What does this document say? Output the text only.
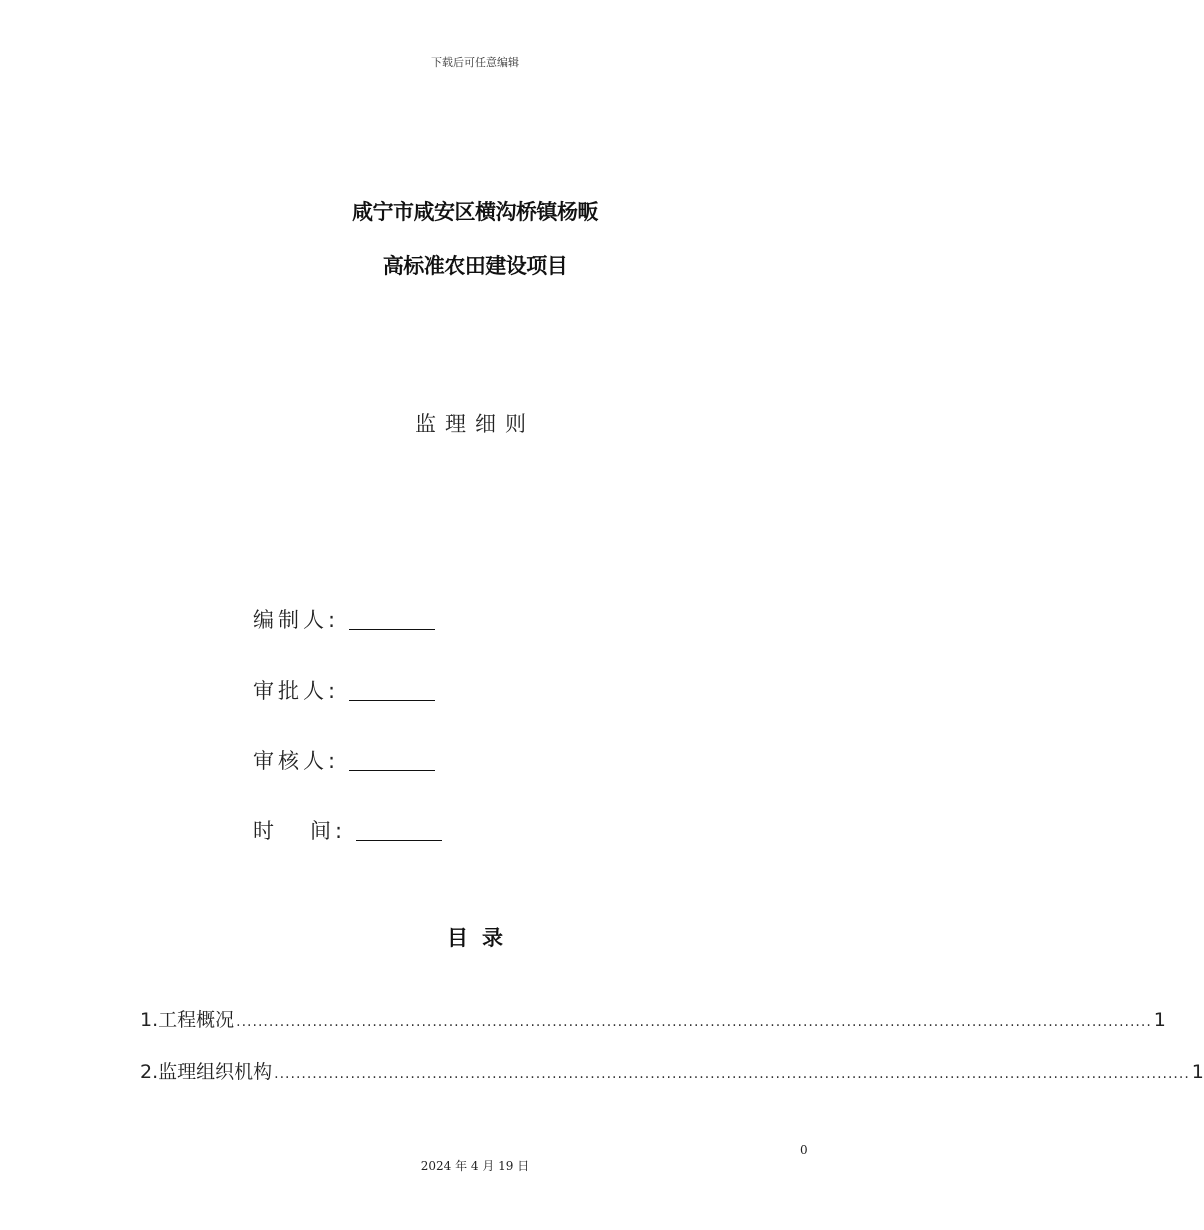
下载后可任意编辑
咸宁市咸安区横沟桥镇杨畈
高标准农田建设项目
监理细则
编制人:
审批人:
审核人:
时   间:
目录
1.工程概况 ........................................................................................................................................................................ 1
2.监理组织机构 ........................................................................................................................................................................ 1
0
2024 年 4 月 19 日
